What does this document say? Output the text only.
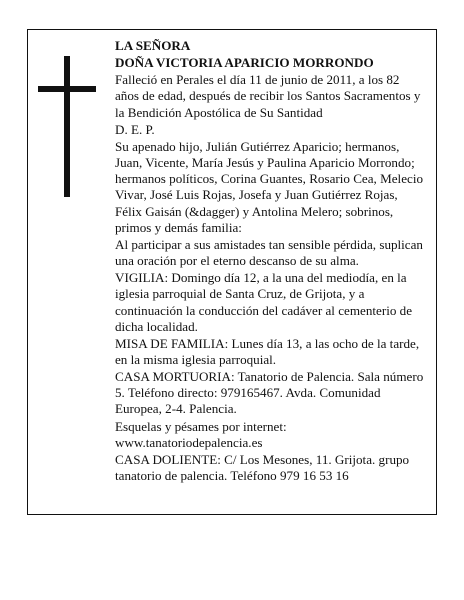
LA SEÑORA

DOÑA VICTORIA APARICIO MORRONDO

Falleció en Perales el día 11 de junio de 2011, a los 82 años de edad, después de recibir los Santos Sacramentos y la Bendición Apostólica de Su Santidad

D. E. P.

Su apenado hijo, Julián Gutiérrez Aparicio; hermanos, Juan, Vicente, María Jesús y Paulina Aparicio Morrondo; hermanos políticos, Corina Guantes, Rosario Cea, Melecio Vivar, José Luis Rojas, Josefa y Juan Gutiérrez Rojas, Félix Gaisán (&dagger) y Antolina Melero; sobrinos, primos y demás familia:

Al participar a sus amistades tan sensible pérdida, suplican una oración por el eterno descanso de su alma.

VIGILIA: Domingo día 12, a la una del mediodía, en la iglesia parroquial de Santa Cruz, de Grijota, y a continuación la conducción del cadáver al cementerio de dicha localidad.

MISA DE FAMILIA: Lunes día 13, a las ocho de la tarde, en la misma iglesia parroquial.

CASA MORTUORIA: Tanatorio de Palencia. Sala número 5. Teléfono directo: 979165467. Avda. Comunidad Europea, 2-4. Palencia.

Esquelas y pésames por internet: www.tanatoriodepalencia.es

CASA DOLIENTE: C/ Los Mesones, 11. Grijota. grupo tanatorio de palencia. Teléfono 979 16 53 16
